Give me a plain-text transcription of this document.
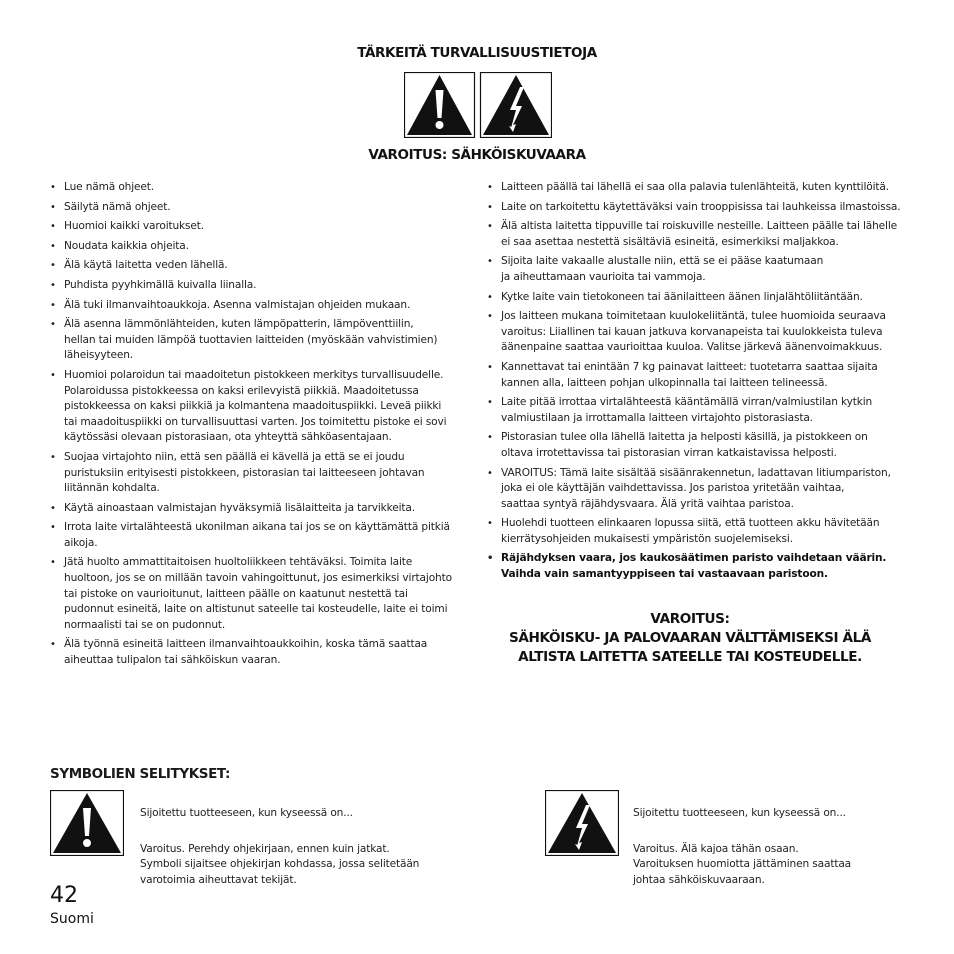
TÄRKEITÄ TURVALLISUUSTIETOJA
VAROITUS: SÄHKÖISKUVAARA
• Lue nämä ohjeet.
• Säilytä nämä ohjeet.
• Huomioi kaikki varoitukset.
• Noudata kaikkia ohjeita.
• Älä käytä laitetta veden lähellä.
• Puhdista pyyhkimällä kuivalla liinalla.
• Älä tuki ilmanvaihtoaukkoja. Asenna valmistajan ohjeiden mukaan.
• Älä asenna lämmönlähteiden, kuten lämpöpatterin, lämpöventtiilin,
hellan tai muiden lämpöä tuottavien laitteiden (myöskään vahvistimien)
läheisyyteen.
• Huomioi polaroidun tai maadoitetun pistokkeen merkitys turvallisuudelle.
Polaroidussa pistokkeessa on kaksi erilevyistä piikkiä. Maadoitetussa
pistokkeessa on kaksi piikkiä ja kolmantena maadoituspiikki. Leveä piikki
tai maadoituspiikki on turvallisuuttasi varten. Jos toimitettu pistoke ei sovi
käytössäsi olevaan pistorasiaan, ota yhteyttä sähköasentajaan.
• Suojaa virtajohto niin, että sen päällä ei kävellä ja että se ei joudu
puristuksiin erityisesti pistokkeen, pistorasian tai laitteeseen johtavan
liitännän kohdalta.
• Käytä ainoastaan valmistajan hyväksymiä lisälaitteita ja tarvikkeita.
• Irrota laite virtalähteestä ukonilman aikana tai jos se on käyttämättä pitkiä
aikoja.
• Jätä huolto ammattitaitoisen huoltoliikkeen tehtäväksi. Toimita laite
huoltoon, jos se on millään tavoin vahingoittunut, jos esimerkiksi virtajohto
tai pistoke on vaurioitunut, laitteen päälle on kaatunut nestettä tai
pudonnut esineitä, laite on altistunut sateelle tai kosteudelle, laite ei toimi
normaalisti tai se on pudonnut.
• Älä työnnä esineitä laitteen ilmanvaihtoaukkoihin, koska tämä saattaa
aiheuttaa tulipalon tai sähköiskun vaaran.
• Laitteen päällä tai lähellä ei saa olla palavia tulenlähteitä, kuten kynttilöitä.
• Laite on tarkoitettu käytettäväksi vain trooppisissa tai lauhkeissa ilmastoissa.
• Älä altista laitetta tippuville tai roiskuville nesteille. Laitteen päälle tai lähelle
ei saa asettaa nestettä sisältäviä esineitä, esimerkiksi maljakkoa.
• Sijoita laite vakaalle alustalle niin, että se ei pääse kaatumaan
ja aiheuttamaan vaurioita tai vammoja.
• Kytke laite vain tietokoneen tai äänilaitteen äänen linjalähtöliitäntään.
• Jos laitteen mukana toimitetaan kuulokeliitäntä, tulee huomioida seuraava
varoitus: Liiallinen tai kauan jatkuva korvanapeista tai kuulokkeista tuleva
äänenpaine saattaa vaurioittaa kuuloa. Valitse järkevä äänenvoimakkuus.
• Kannettavat tai enintään 7 kg painavat laitteet: tuotetarra saattaa sijaita
kannen alla, laitteen pohjan ulkopinnalla tai laitteen telineessä.
• Laite pitää irrottaa virtalähteestä kääntämällä virran/valmiustilan kytkin
valmiustilaan ja irrottamalla laitteen virtajohto pistorasiasta.
• Pistorasian tulee olla lähellä laitetta ja helposti käsillä, ja pistokkeen on
oltava irrotettavissa tai pistorasian virran katkaistavissa helposti.
• VAROITUS: Tämä laite sisältää sisäänrakennetun, ladattavan litiumpariston,
joka ei ole käyttäjän vaihdettavissa. Jos paristoa yritetään vaihtaa,
saattaa syntyä räjähdysvaara. Älä yritä vaihtaa paristoa.
• Huolehdi tuotteen elinkaaren lopussa siitä, että tuotteen akku hävitetään
kierrätysohjeiden mukaisesti ympäristön suojelemiseksi.
• Räjähdyksen vaara, jos kaukosäätimen paristo vaihdetaan väärin.
Vaihda vain samantyyppiseen tai vastaavaan paristoon.
VAROITUS:
SÄHKÖISKU- JA PALOVAARAN VÄLTTÄMISEKSI ÄLÄ
ALTISTA LAITETTA SATEELLE TAI KOSTEUDELLE.
SYMBOLIEN SELITYKSET:

Sijoitettu tuotteeseen, kun kyseessä on...

Varoitus. Perehdy ohjekirjaan, ennen kuin jatkat.
Symboli sijaitsee ohjekirjan kohdassa, jossa selitetään
varotoimia aiheuttavat tekijät.

Sijoitettu tuotteeseen, kun kyseessä on...

Varoitus. Älä kajoa tähän osaan.
Varoituksen huomiotta jättäminen saattaa
johtaa sähköiskuvaaraan.

42
Suomi
